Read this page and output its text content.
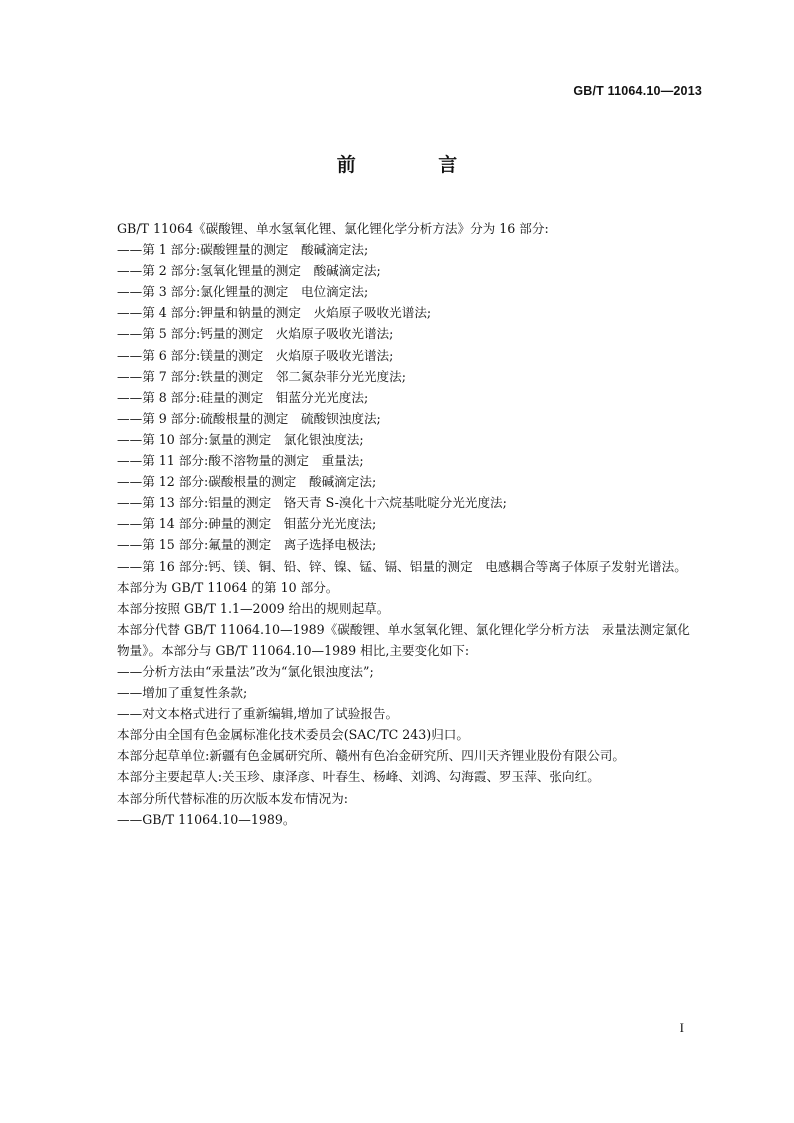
GB/T 11064.10—2013
前 言

GB/T 11064《碳酸锂、单水氢氧化锂、氯化锂化学分析方法》分为 16 部分:

——第 1 部分:碳酸锂量的测定　酸碱滴定法;

——第 2 部分:氢氧化锂量的测定　酸碱滴定法;

——第 3 部分:氯化锂量的测定　电位滴定法;

——第 4 部分:钾量和钠量的测定　火焰原子吸收光谱法;

——第 5 部分:钙量的测定　火焰原子吸收光谱法;

——第 6 部分:镁量的测定　火焰原子吸收光谱法;

——第 7 部分:铁量的测定　邻二氮杂菲分光光度法;

——第 8 部分:硅量的测定　钼蓝分光光度法;

——第 9 部分:硫酸根量的测定　硫酸钡浊度法;

——第 10 部分:氯量的测定　氯化银浊度法;

——第 11 部分:酸不溶物量的测定　重量法;

——第 12 部分:碳酸根量的测定　酸碱滴定法;

——第 13 部分:铝量的测定　铬天青 S-溴化十六烷基吡啶分光光度法;

——第 14 部分:砷量的测定　钼蓝分光光度法;

——第 15 部分:氟量的测定　离子选择电极法;

——第 16 部分:钙、镁、铜、铅、锌、镍、锰、镉、铝量的测定　电感耦合等离子体原子发射光谱法。

本部分为 GB/T 11064 的第 10 部分。

本部分按照 GB/T 1.1—2009 给出的规则起草。

本部分代替 GB/T 11064.10—1989《碳酸锂、单水氢氧化锂、氯化锂化学分析方法　汞量法测定氯化物量》。本部分与 GB/T 11064.10—1989 相比,主要变化如下:

——分析方法由“汞量法”改为“氯化银浊度法”;

——增加了重复性条款;

——对文本格式进行了重新编辑,增加了试验报告。

本部分由全国有色金属标准化技术委员会(SAC/TC 243)归口。

本部分起草单位:新疆有色金属研究所、赣州有色冶金研究所、四川天齐锂业股份有限公司。

本部分主要起草人:关玉珍、康泽彦、叶春生、杨峰、刘鸿、勾海霞、罗玉萍、张向红。

本部分所代替标准的历次版本发布情况为:

——GB/T 11064.10—1989。

I
